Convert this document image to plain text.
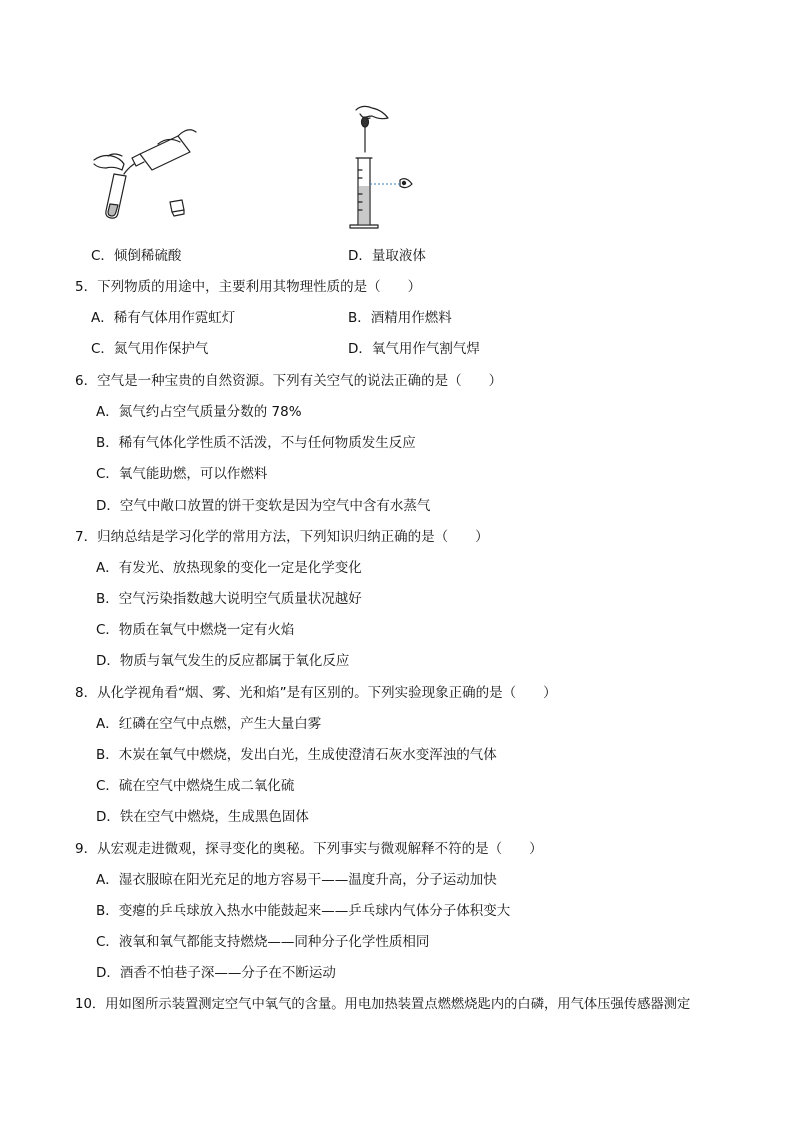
C．倾倒稀硫酸	D．量取液体
5．下列物质的用途中，主要利用其物理性质的是（　　）
A．稀有气体用作霓虹灯	B．酒精用作燃料
C．氮气用作保护气	D．氧气用作气割气焊
6．空气是一种宝贵的自然资源。下列有关空气的说法正确的是（　　）
A．氮气约占空气质量分数的 78%
B．稀有气体化学性质不活泼，不与任何物质发生反应
C．氧气能助燃，可以作燃料
D．空气中敞口放置的饼干变软是因为空气中含有水蒸气
7．归纳总结是学习化学的常用方法，下列知识归纳正确的是（　　）
A．有发光、放热现象的变化一定是化学变化
B．空气污染指数越大说明空气质量状况越好
C．物质在氧气中燃烧一定有火焰
D．物质与氧气发生的反应都属于氧化反应
8．从化学视角看“烟、雾、光和焰”是有区别的。下列实验现象正确的是（　　）
A．红磷在空气中点燃，产生大量白雾
B．木炭在氧气中燃烧，发出白光，生成使澄清石灰水变浑浊的气体
C．硫在空气中燃烧生成二氧化硫
D．铁在空气中燃烧，生成黑色固体
9．从宏观走进微观，探寻变化的奥秘。下列事实与微观解释不符的是（　　）
A．湿衣服晾在阳光充足的地方容易干——温度升高，分子运动加快
B．变瘪的乒乓球放入热水中能鼓起来——乒乓球内气体分子体积变大
C．液氧和氧气都能支持燃烧——同种分子化学性质相同
D．酒香不怕巷子深——分子在不断运动
10．用如图所示装置测定空气中氧气的含量。用电加热装置点燃燃烧匙内的白磷，用气体压强传感器测定
